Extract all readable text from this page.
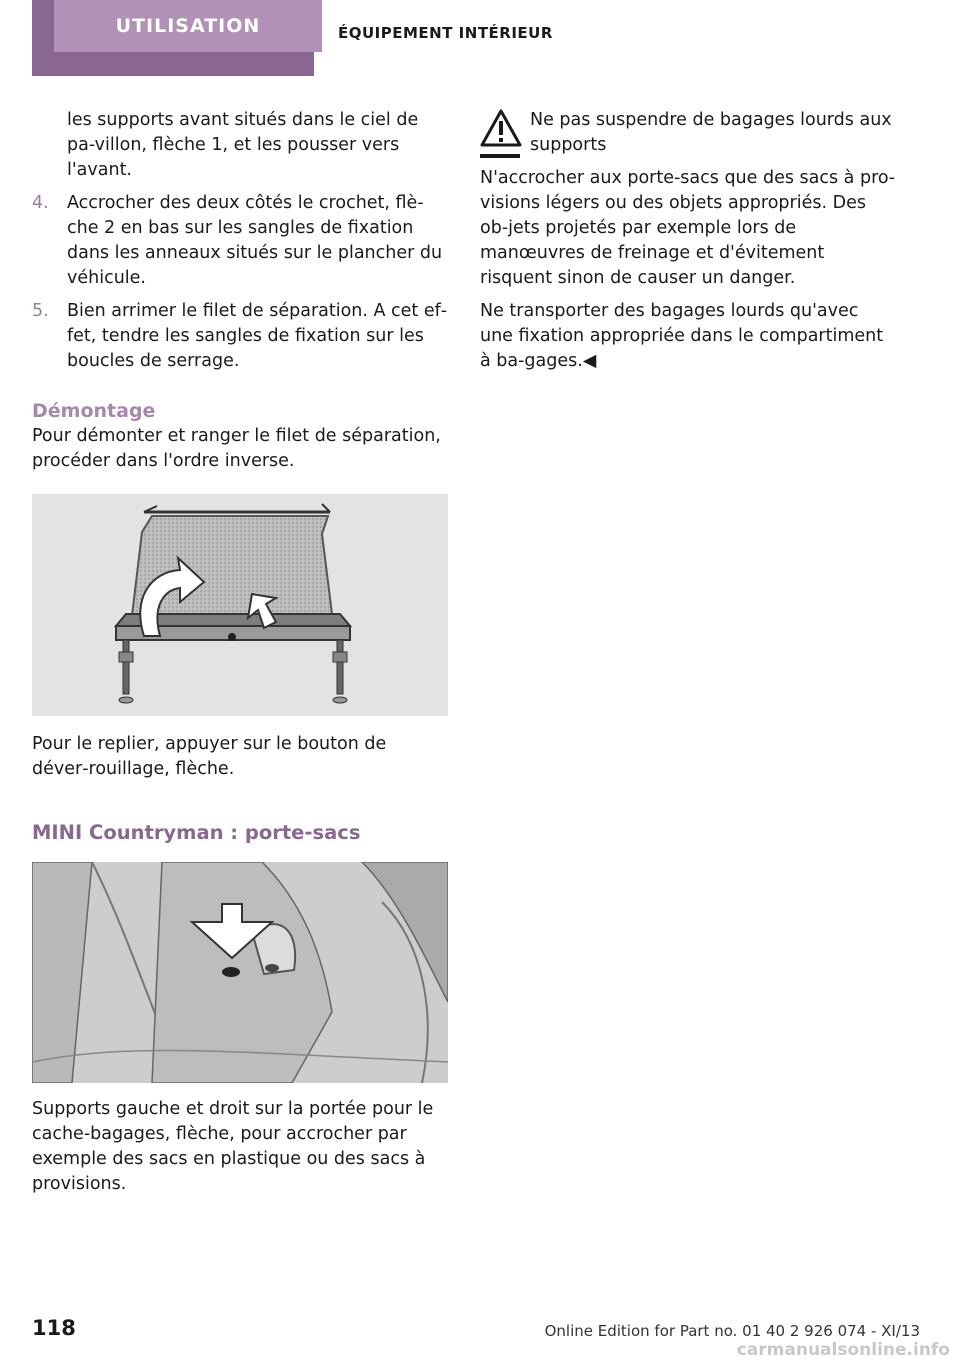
UTILISATION	ÉQUIPEMENT INTÉRIEUR

les supports avant situés dans le ciel de pa‐villon, flèche 1, et les pousser vers l'avant.

4.	Accrocher des deux côtés le crochet, flè‐che 2 en bas sur les sangles de fixation dans les anneaux situés sur le plancher du véhicule.

5.	Bien arrimer le filet de séparation. A cet ef‐fet, tendre les sangles de fixation sur les boucles de serrage.

Démontage

Pour démonter et ranger le filet de séparation, procéder dans l'ordre inverse.

Pour le replier, appuyer sur le bouton de déver‐rouillage, flèche.

MINI Countryman : porte-sacs

Supports gauche et droit sur la portée pour le cache-bagages, flèche, pour accrocher par exemple des sacs en plastique ou des sacs à provisions.

Ne pas suspendre de bagages lourds aux supports

N'accrocher aux porte-sacs que des sacs à pro‐visions légers ou des objets appropriés. Des ob‐jets projetés par exemple lors de manœuvres de freinage et d'évitement risquent sinon de causer un danger.

Ne transporter des bagages lourds qu'avec une fixation appropriée dans le compartiment à ba‐gages.◀

118	Online Edition for Part no. 01 40 2 926 074 - XI/13
carmanualsonline.info
